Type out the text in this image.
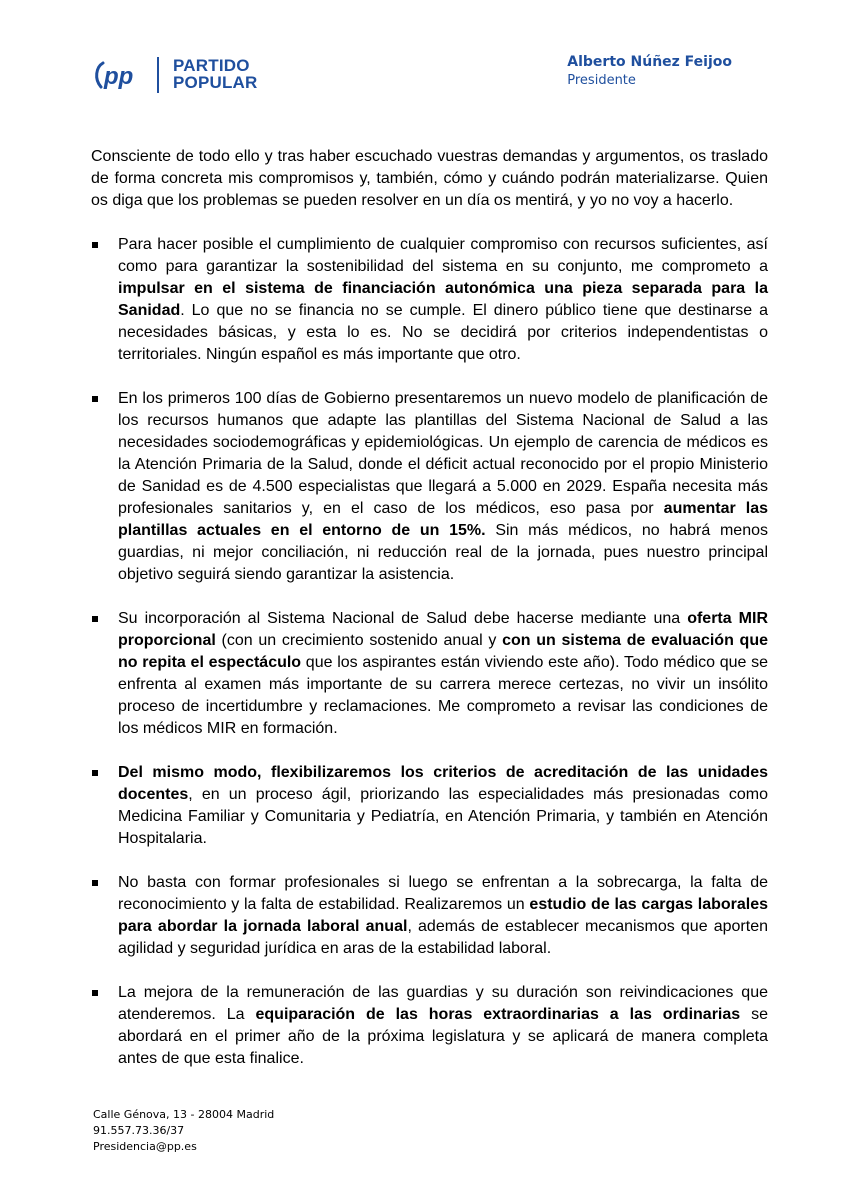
pp PARTIDO
POPULAR
Alberto Núñez Feijoo
Presidente

Consciente de todo ello y tras haber escuchado vuestras demandas y argumentos, os traslado de forma concreta mis compromisos y, también, cómo y cuándo podrán materializarse. Quien os diga que los problemas se pueden resolver en un día os mentirá, y yo no voy a hacerlo.

Para hacer posible el cumplimiento de cualquier compromiso con recursos suficientes, así como para garantizar la sostenibilidad del sistema en su conjunto, me comprometo a impulsar en el sistema de financiación autonómica una pieza separada para la Sanidad. Lo que no se financia no se cumple. El dinero público tiene que destinarse a necesidades básicas, y esta lo es. No se decidirá por criterios independentistas o territoriales. Ningún español es más importante que otro.
En los primeros 100 días de Gobierno presentaremos un nuevo modelo de planificación de los recursos humanos que adapte las plantillas del Sistema Nacional de Salud a las necesidades sociodemográficas y epidemiológicas. Un ejemplo de carencia de médicos es la Atención Primaria de la Salud, donde el déficit actual reconocido por el propio Ministerio de Sanidad es de 4.500 especialistas que llegará a 5.000 en 2029. España necesita más profesionales sanitarios y, en el caso de los médicos, eso pasa por aumentar las plantillas actuales en el entorno de un 15%. Sin más médicos, no habrá menos guardias, ni mejor conciliación, ni reducción real de la jornada, pues nuestro principal objetivo seguirá siendo garantizar la asistencia.
Su incorporación al Sistema Nacional de Salud debe hacerse mediante una oferta MIR proporcional (con un crecimiento sostenido anual y con un sistema de evaluación que no repita el espectáculo que los aspirantes están viviendo este año). Todo médico que se enfrenta al examen más importante de su carrera merece certezas, no vivir un insólito proceso de incertidumbre y reclamaciones. Me comprometo a revisar las condiciones de los médicos MIR en formación.
Del mismo modo, flexibilizaremos los criterios de acreditación de las unidades docentes, en un proceso ágil, priorizando las especialidades más presionadas como Medicina Familiar y Comunitaria y Pediatría, en Atención Primaria, y también en Atención Hospitalaria.
No basta con formar profesionales si luego se enfrentan a la sobrecarga, la falta de reconocimiento y la falta de estabilidad. Realizaremos un estudio de las cargas laborales para abordar la jornada laboral anual, además de establecer mecanismos que aporten agilidad y seguridad jurídica en aras de la estabilidad laboral.
La mejora de la remuneración de las guardias y su duración son reivindicaciones que atenderemos. La equiparación de las horas extraordinarias a las ordinarias se abordará en el primer año de la próxima legislatura y se aplicará de manera completa antes de que esta finalice.
Calle Génova, 13 - 28004 Madrid
91.557.73.36/37
Presidencia@pp.es
